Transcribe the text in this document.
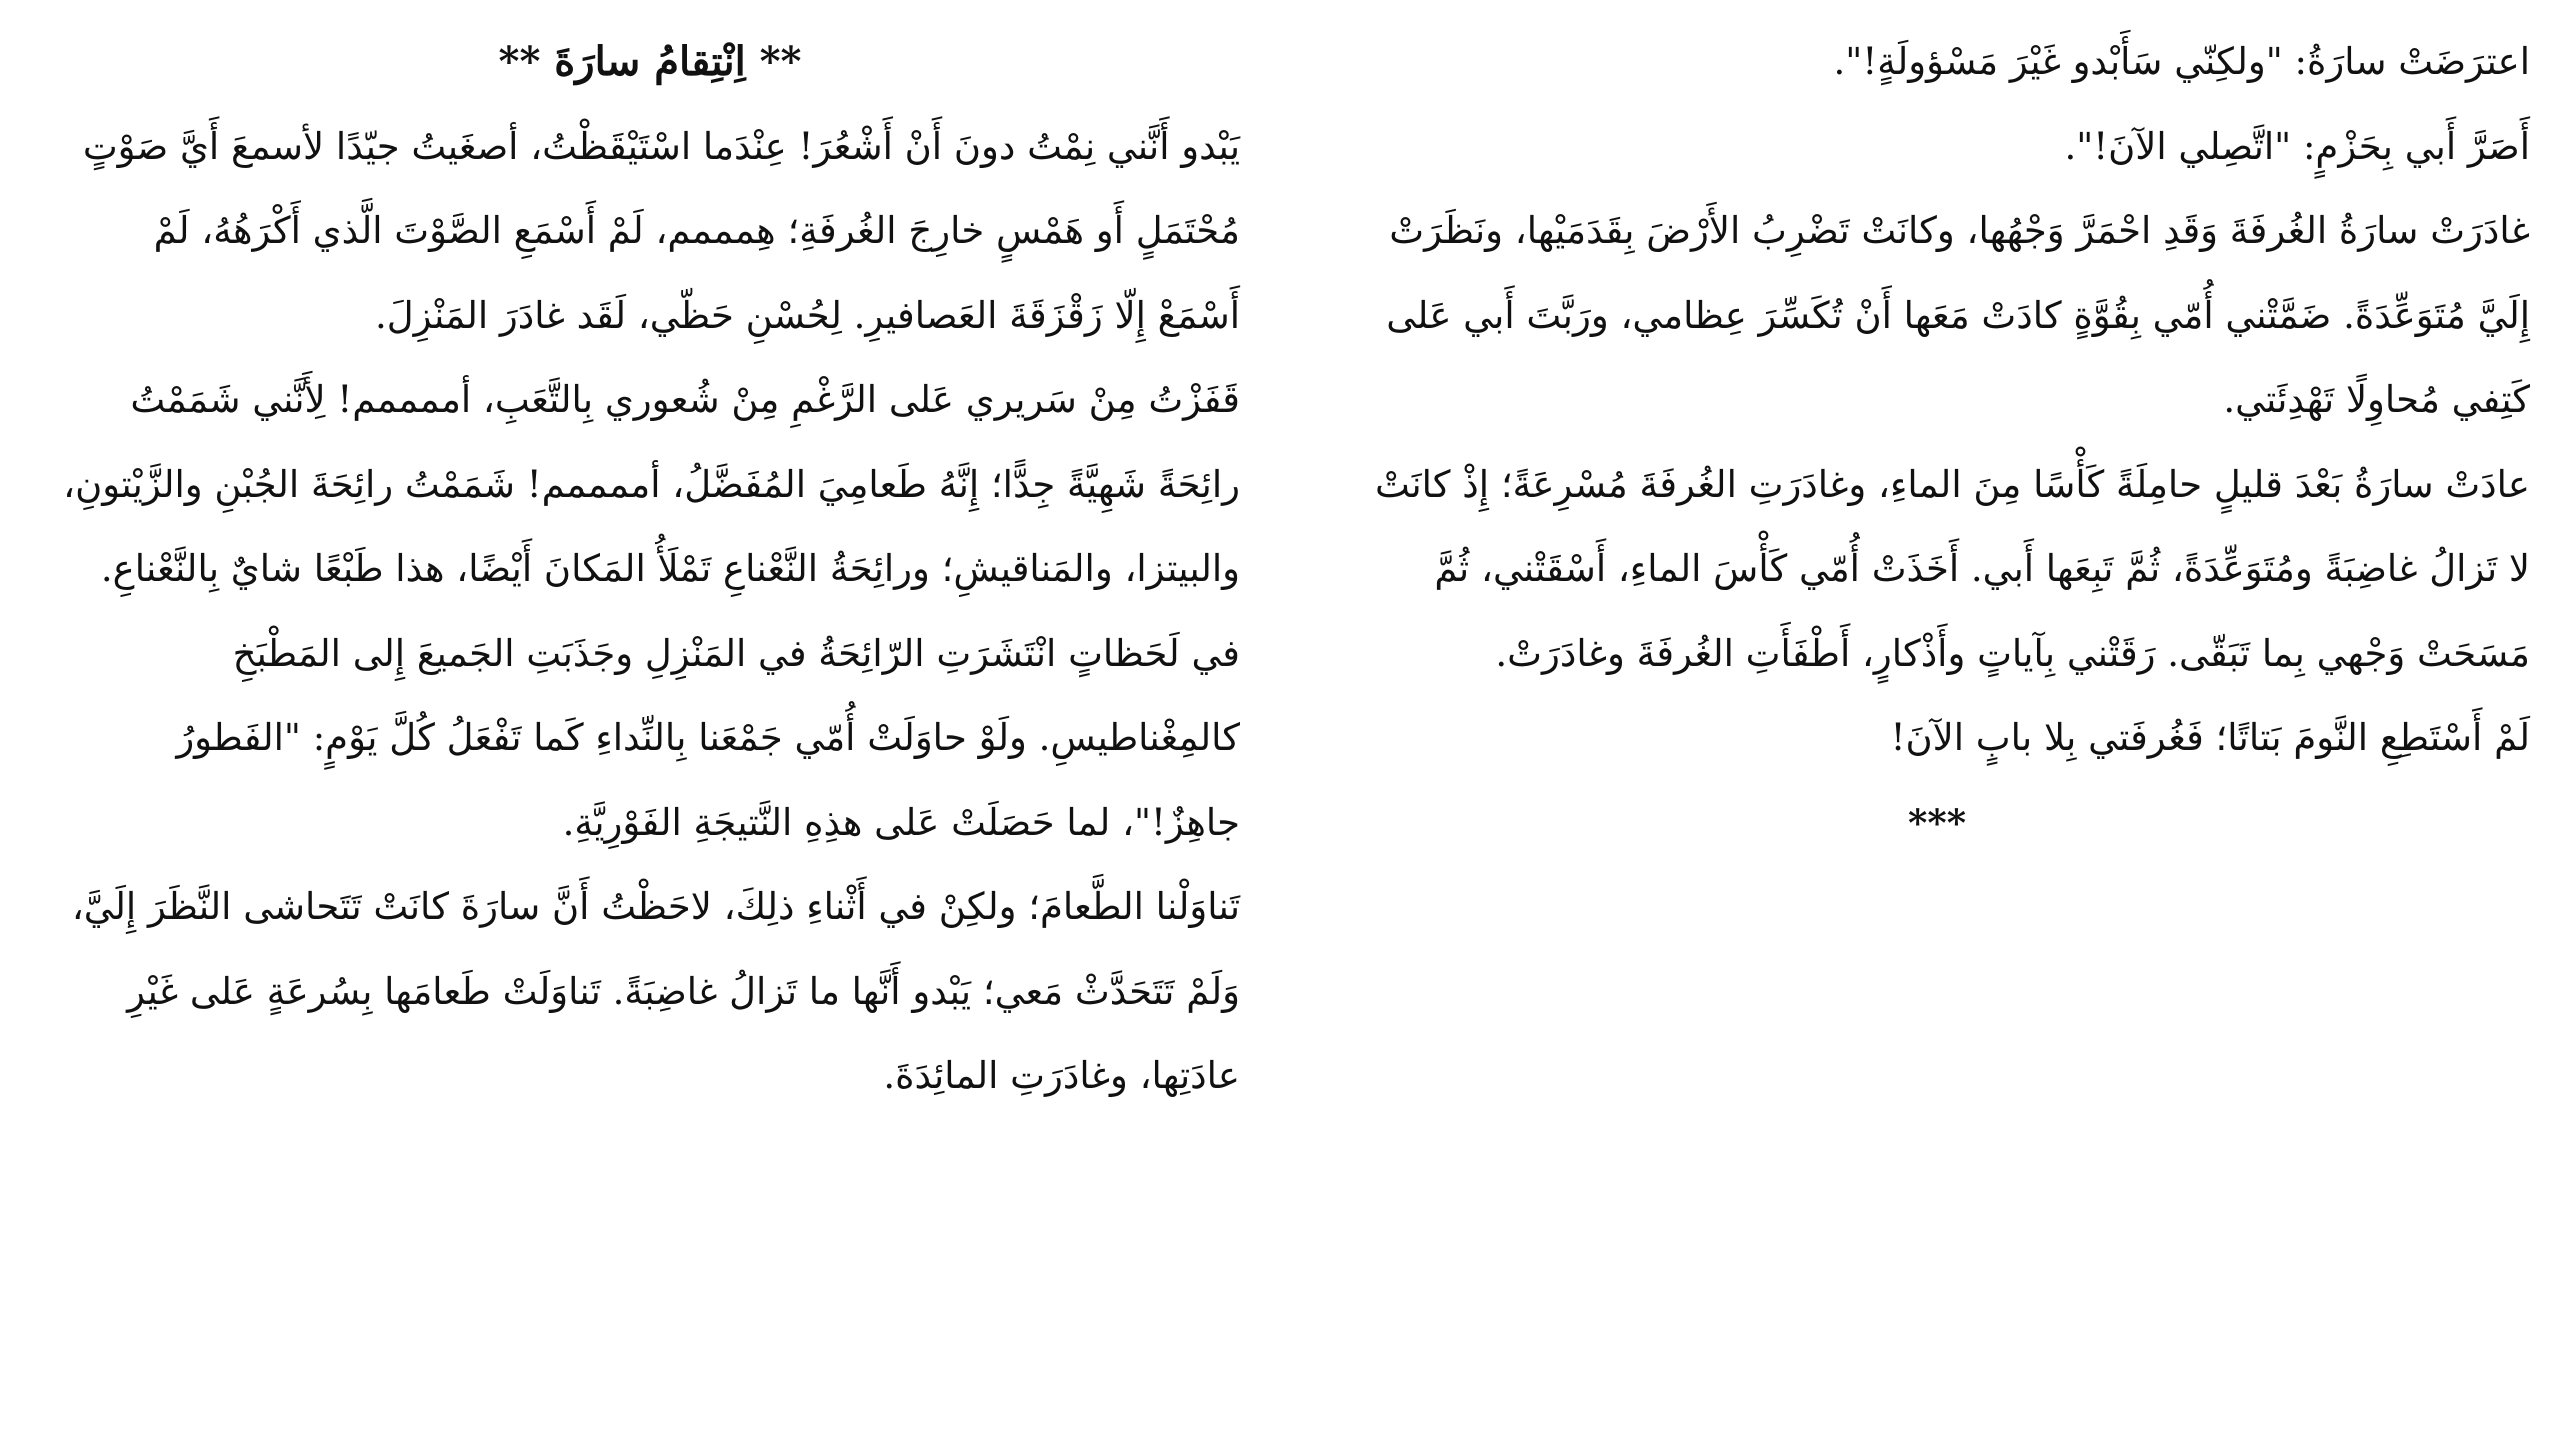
اعترَضَتْ سارَةُ: "ولكِنّي سَأَبْدو غَيْرَ مَسْؤولَةٍ!".

أَصَرَّ أَبي بِحَزْمٍ: "اتَّصِلي الآنَ!".

غادَرَتْ سارَةُ الغُرفَةَ وَقَدِ احْمَرَّ وَجْهُها، وكانَتْ تَضْرِبُ الأَرْضَ بِقَدَمَيْها، ونَظَرَتْ إِلَيَّ مُتَوَعِّدَةً. ضَمَّتْني أُمّي بِقُوَّةٍ كادَتْ مَعَها أَنْ تُكَسِّرَ عِظامي، ورَبَّتَ أَبي عَلى كَتِفي مُحاوِلًا تَهْدِئَتي.

عادَتْ سارَةُ بَعْدَ قليلٍ حامِلَةً كَأْسًا مِنَ الماءِ، وغادَرَتِ الغُرفَةَ مُسْرِعَةً؛ إِذْ كانَتْ لا تَزالُ غاضِبَةً ومُتَوَعِّدَةً، ثُمَّ تَبِعَها أَبي. أَخَذَتْ أُمّي كَأْسَ الماءِ، أَسْقَتْني، ثُمَّ مَسَحَتْ وَجْهي بِما تَبَقّى. رَقَتْني بِآياتٍ وأَذْكارٍ، أَطْفَأَتِ الغُرفَةَ وغادَرَتْ.

لَمْ أَسْتَطِعِ النَّومَ بَتاتًا؛ فَغُرفَتي بِلا بابٍ الآنَ!

***

** اِنْتِقامُ سارَةَ **

يَبْدو أَنَّني نِمْتُ دونَ أَنْ أَشْعُرَ! عِنْدَما اسْتَيْقَظْتُ، أصغَيتُ جيّدًا لأسمعَ أَيَّ صَوْتٍ مُحْتَمَلٍ أَو هَمْسٍ خارِجَ الغُرفَةِ؛ هِمممم، لَمْ أَسْمَعِ الصَّوْتَ الَّذي أَكْرَهُهُ، لَمْ أَسْمَعْ إِلّا زَقْزَقَةَ العَصافيرِ. لِحُسْنِ حَظّي، لَقَد غادَرَ المَنْزِلَ.

قَفَزْتُ مِنْ سَريري عَلى الرَّغْمِ مِنْ شُعوري بِالتَّعَبِ، أممممم! لِأَنَّني شَمَمْتُ رائِحَةً شَهِيَّةً جِدًّا؛ إِنَّهُ طَعامِيَ المُفَضَّلُ، أممممم! شَمَمْتُ رائِحَةَ الجُبْنِ والزَّيْتونِ، والبيتزا، والمَناقيشِ؛ ورائِحَةُ النَّعْناعِ تَمْلَأُ المَكانَ أَيْضًا، هذا طَبْعًا شايٌ بِالنَّعْناعِ. في لَحَظاتٍ انْتَشَرَتِ الرّائِحَةُ في المَنْزِلِ وجَذَبَتِ الجَميعَ إِلى المَطْبَخِ كالمِغْناطيسِ. ولَوْ حاوَلَتْ أُمّي جَمْعَنا بِالنِّداءِ كَما تَفْعَلُ كُلَّ يَوْمٍ: "الفَطورُ جاهِزٌ!"، لما حَصَلَتْ عَلى هذِهِ النَّتيجَةِ الفَوْرِيَّةِ.

تَناوَلْنا الطَّعامَ؛ ولكِنْ في أَثْناءِ ذلِكَ، لاحَظْتُ أَنَّ سارَةَ كانَتْ تَتَحاشى النَّظَرَ إِلَيَّ، وَلَمْ تَتَحَدَّثْ مَعي؛ يَبْدو أَنَّها ما تَزالُ غاضِبَةً. تَناوَلَتْ طَعامَها بِسُرعَةٍ عَلى غَيْرِ عادَتِها، وغادَرَتِ المائِدَةَ.
